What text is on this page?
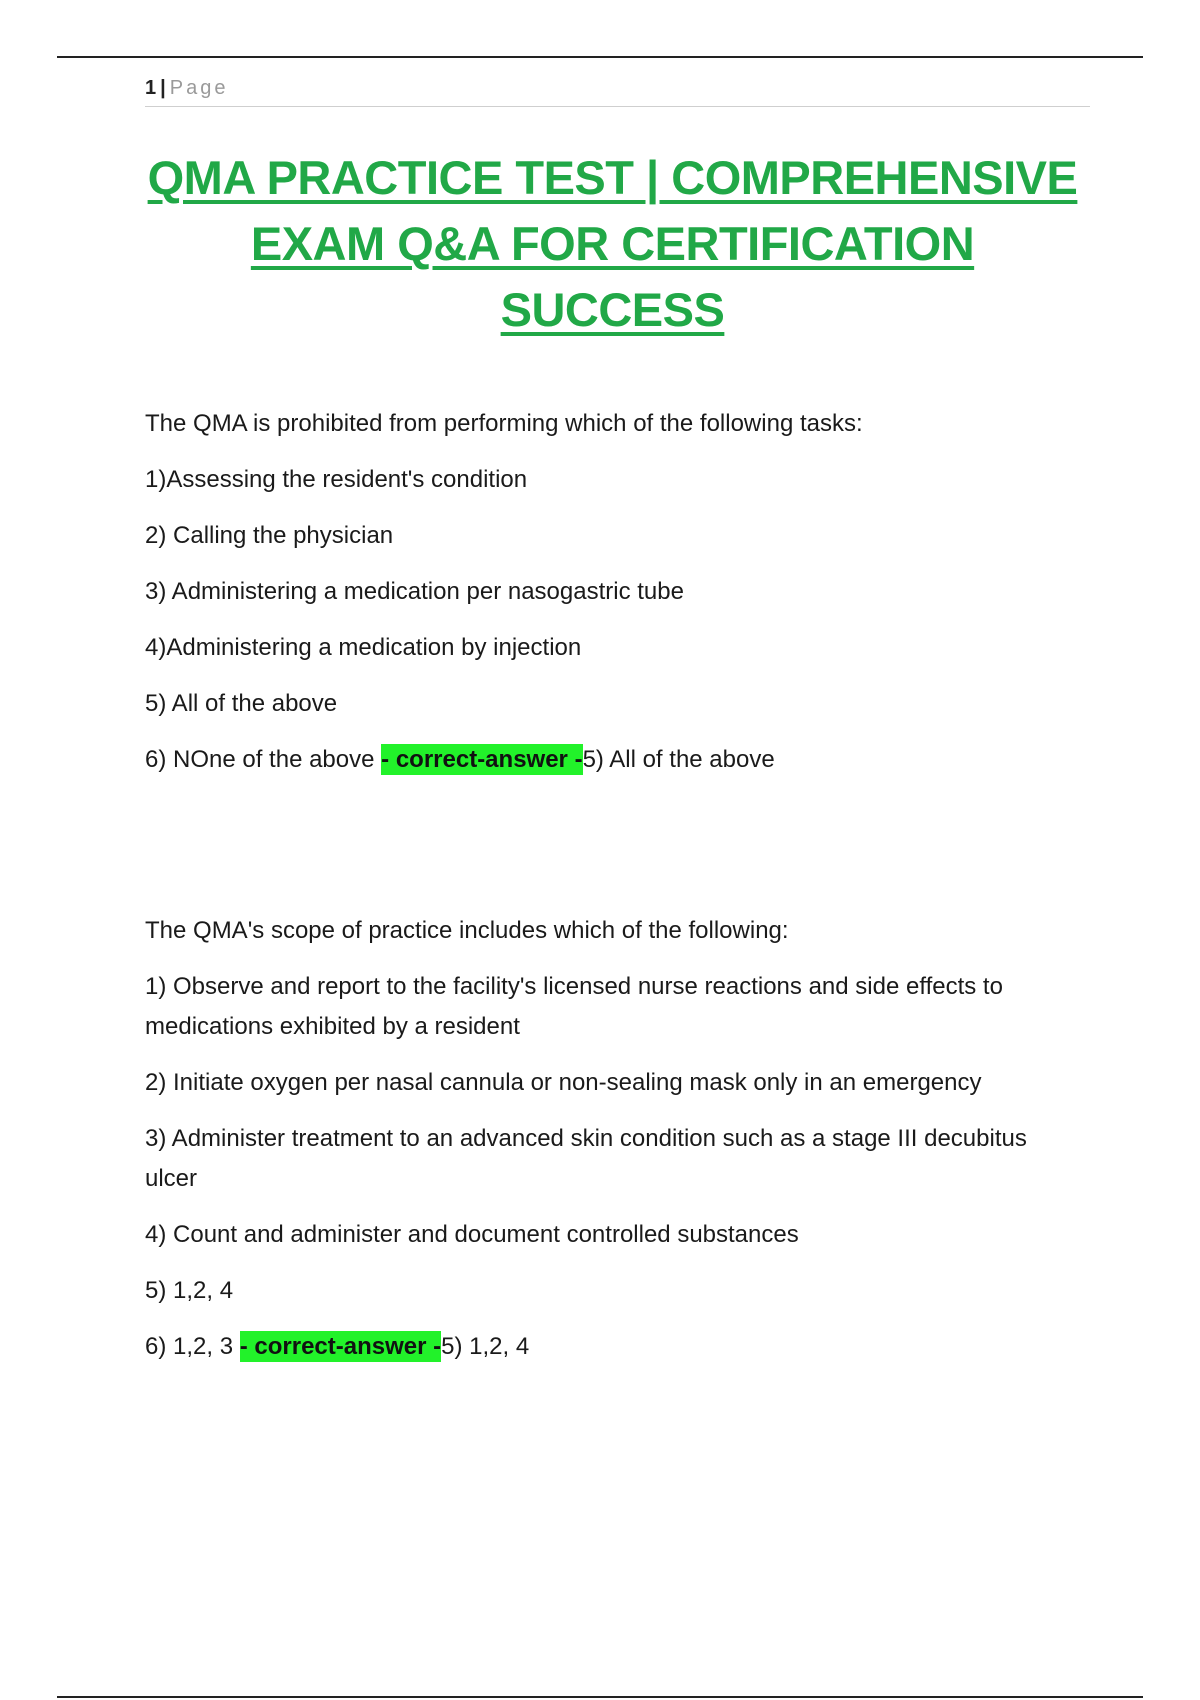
1 | Page
QMA PRACTICE TEST | COMPREHENSIVE
EXAM Q&A FOR CERTIFICATION SUCCESS

The QMA is prohibited from performing which of the following tasks:

1)Assessing the resident's condition

2) Calling the physician

3) Administering a medication per nasogastric tube

4)Administering a medication by injection

5) All of the above

6) NOne of the above - correct-answer -5) All of the above

The QMA's scope of practice includes which of the following:

1) Observe and report to the facility's licensed nurse reactions and side effects to medications exhibited by a resident

2) Initiate oxygen per nasal cannula or non-sealing mask only in an emergency

3) Administer treatment to an advanced skin condition such as a stage III decubitus ulcer

4) Count and administer and document controlled substances

5) 1,2, 4

6) 1,2, 3 - correct-answer -5) 1,2, 4
